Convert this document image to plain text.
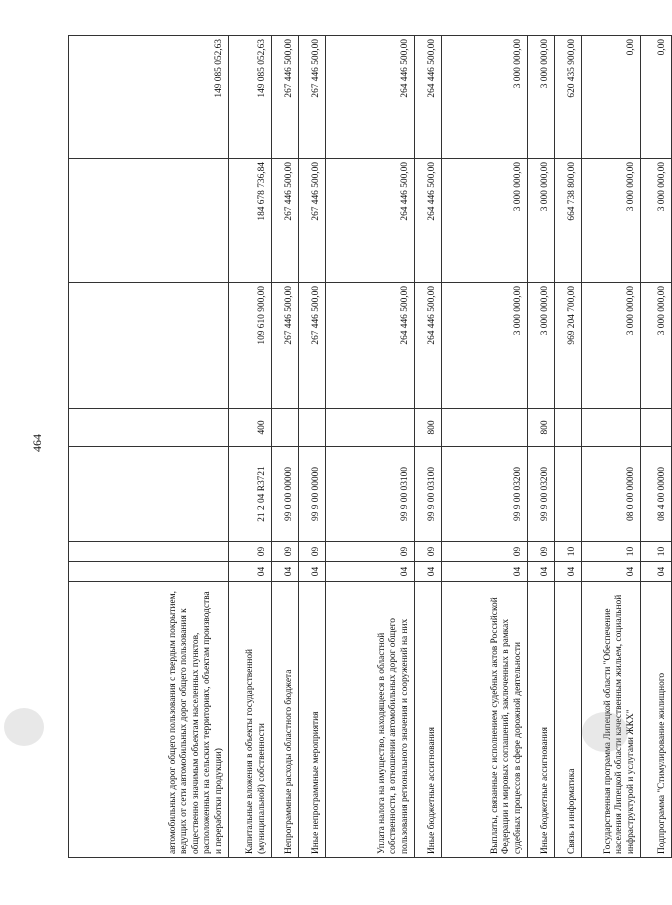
464
автомобильных дорог общего пользования с твердым покрытием, ведущих от сети автомобильных дорог общего пользования к общественно значимым объектам населенных пунктов, расположенных на сельских территориях, объектам производства и переработки продукции)							149 085 052,63
Капитальные вложения в объекты государственной (муниципальной) собственности	04	09	21 2 04 R3721	400	109 610 900,00	184 678 736,84	149 085 052,63
Непрограммные расходы областного бюджета	04	09	99 0 00 00000		267 446 500,00	267 446 500,00	267 446 500,00
Иные непрограммные мероприятия	04	09	99 9 00 00000		267 446 500,00	267 446 500,00	267 446 500,00
Уплата налога на имущество, находящееся в областной собственности, в отношении автомобильных дорог общего пользования регионального значения и сооружений на них	04	09	99 9 00 03100		264 446 500,00	264 446 500,00	264 446 500,00
Иные бюджетные ассигнования	04	09	99 9 00 03100	800	264 446 500,00	264 446 500,00	264 446 500,00
Выплаты, связанные с исполнением судебных актов Российской Федерации и мировых соглашений, заключенных в рамках судебных процессов в сфере дорожной деятельности	04	09	99 9 00 03200		3 000 000,00	3 000 000,00	3 000 000,00
Иные бюджетные ассигнования	04	09	99 9 00 03200	800	3 000 000,00	3 000 000,00	3 000 000,00
Связь и информатика	04	10			969 204 700,00	664 738 800,00	620 435 900,00
Государственная программа Липецкой области "Обеспечение населения Липецкой области качественным жильем, социальной инфраструктурой и услугами ЖКХ"	04	10	08 0 00 00000		3 000 000,00	3 000 000,00	0,00
Подпрограмма "Стимулирование жилищного	04	10	08 4 00 00000		3 000 000,00	3 000 000,00	0,00
